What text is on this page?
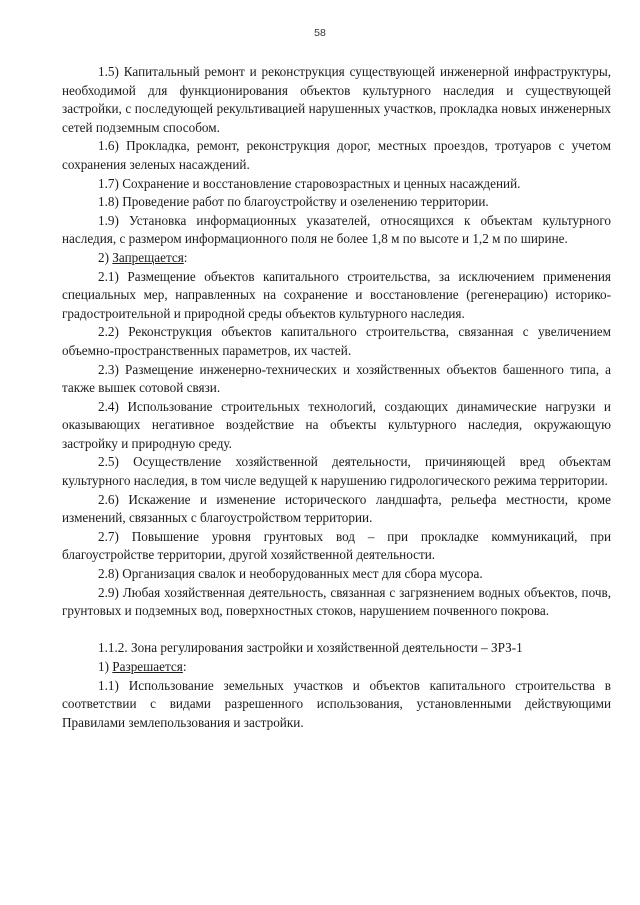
58

1.5) Капитальный ремонт и реконструкция существующей инженерной инфраструктуры, необходимой для функционирования объектов культурного наследия и существующей застройки, с последующей рекультивацией нарушенных участков, прокладка новых инженерных сетей подземным способом.

1.6) Прокладка, ремонт, реконструкция дорог, местных проездов, тротуаров с учетом сохранения зеленых насаждений.

1.7) Сохранение и восстановление старовозрастных и ценных насаждений.

1.8) Проведение работ по благоустройству и озеленению территории.

1.9) Установка информационных указателей, относящихся к объектам культурного наследия, с размером информационного поля не более 1,8 м по высоте и 1,2 м по ширине.

2) Запрещается:

2.1) Размещение объектов капитального строительства, за исключением применения специальных мер, направленных на сохранение и восстановление (регенерацию) историко-градостроительной и природной среды объектов культурного наследия.

2.2) Реконструкция объектов капитального строительства, связанная с увеличением объемно-пространственных параметров, их частей.

2.3) Размещение инженерно-технических и хозяйственных объектов башенного типа, а также вышек сотовой связи.

2.4) Использование строительных технологий, создающих динамические нагрузки и оказывающих негативное воздействие на объекты культурного наследия, окружающую застройку и природную среду.

2.5) Осуществление хозяйственной деятельности, причиняющей вред объектам культурного наследия, в том числе ведущей к нарушению гидрологического режима территории.

2.6) Искажение и изменение исторического ландшафта, рельефа местности, кроме изменений, связанных с благоустройством территории.

2.7) Повышение уровня грунтовых вод – при прокладке коммуникаций, при благоустройстве территории, другой хозяйственной деятельности.

2.8) Организация свалок и необорудованных мест для сбора мусора.

2.9) Любая хозяйственная деятельность, связанная с загрязнением водных объектов, почв, грунтовых и подземных вод, поверхностных стоков, нарушением почвенного покрова.

1.1.2. Зона регулирования застройки и хозяйственной деятельности – ЗРЗ-1

1) Разрешается:

1.1) Использование земельных участков и объектов капитального строительства в соответствии с видами разрешенного использования, установленными действующими Правилами землепользования и застройки.
